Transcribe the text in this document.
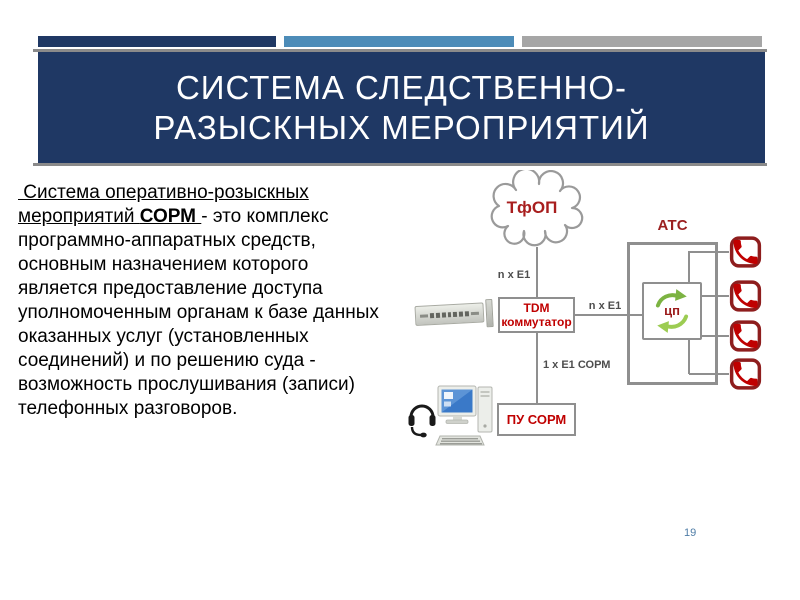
СИСТЕМА СЛЕДСТВЕННО-
РАЗЫСКНЫХ МЕРОПРИЯТИЙ
Система оперативно-розыскных
мероприятий СОРМ - это комплекс
программно-аппаратных средств,
основным назначением которого
является предоставление доступа
уполномоченным органам к базе данных
оказанных услуг (установленных
соединений) и по решению суда -
возможность прослушивания (записи)
телефонных разговоров.
ТфОП
n x E1
n x E1
1 x E1 СОРМ
TDM
коммутатор
АТС
цп
ПУ СОРМ
19
